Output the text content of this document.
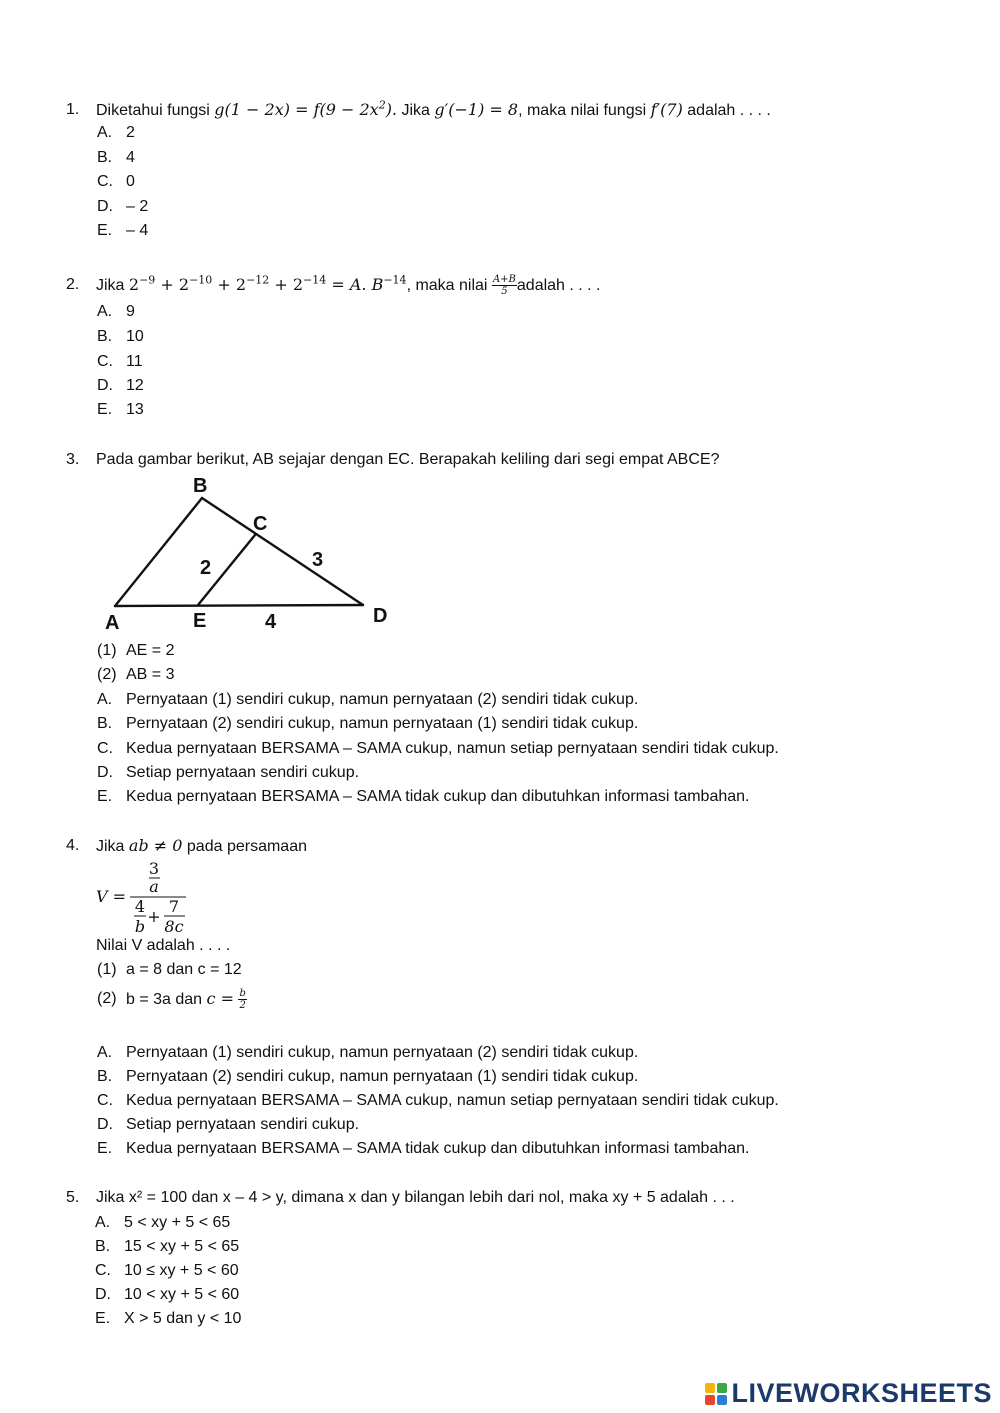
1. Diketahui fungsi $g(1 - 2x) = f(9 - 2x^2)$. Jika g′(−1) = 8, maka nilai fungsi f′(7) adalah . . . .
A. 2
B. 4
C. 0
D. – 2
E. – 4
2. Jika $2^{-9} + 2^{-10} + 2^{-12} + 2^{-14} = A$. $B^{-14}$, maka nilai $\frac{A+B}{5}$ adalah . . . .
A. 9
B. 10
C. 11
D. 12
E. 13
3. Pada gambar berikut, AB sejajar dengan EC. Berapakah keliling dari segi empat ABCE?
B
C
A	E	D
2	3
4
(1) AE = 2
(2) AB = 3
A. Pernyataan (1) sendiri cukup, namun pernyataan (2) sendiri tidak cukup.
B. Pernyataan (2) sendiri cukup, namun pernyataan (1) sendiri tidak cukup.
C. Kedua pernyataan BERSAMA – SAMA cukup, namun setiap pernyataan sendiri tidak cukup.
D. Setiap pernyataan sendiri cukup.
E. Kedua pernyataan BERSAMA – SAMA tidak cukup dan dibutuhkan informasi tambahan.
4. Jika ab ≠ 0 pada persamaan
V =
3
a
4
b
+
7
8c
Nilai V adalah . . . .
(1) a = 8 dan c = 12
(2) b = 3a dan $c = \frac{b}{2}$
A. Pernyataan (1) sendiri cukup, namun pernyataan (2) sendiri tidak cukup.
B. Pernyataan (2) sendiri cukup, namun pernyataan (1) sendiri tidak cukup.
C. Kedua pernyataan BERSAMA – SAMA cukup, namun setiap pernyataan sendiri tidak cukup.
D. Setiap pernyataan sendiri cukup.
E. Kedua pernyataan BERSAMA – SAMA tidak cukup dan dibutuhkan informasi tambahan.
5. Jika x² = 100 dan x – 4 > y, dimana x dan y bilangan lebih dari nol, maka xy + 5 adalah . . .
A. 5 < xy + 5 < 65
B. 15 < xy + 5 < 65
C. 10 ≤ xy + 5 < 60
D. 10 < xy + 5 < 60
E. X > 5 dan y < 10
LIVEWORKSHEETS
